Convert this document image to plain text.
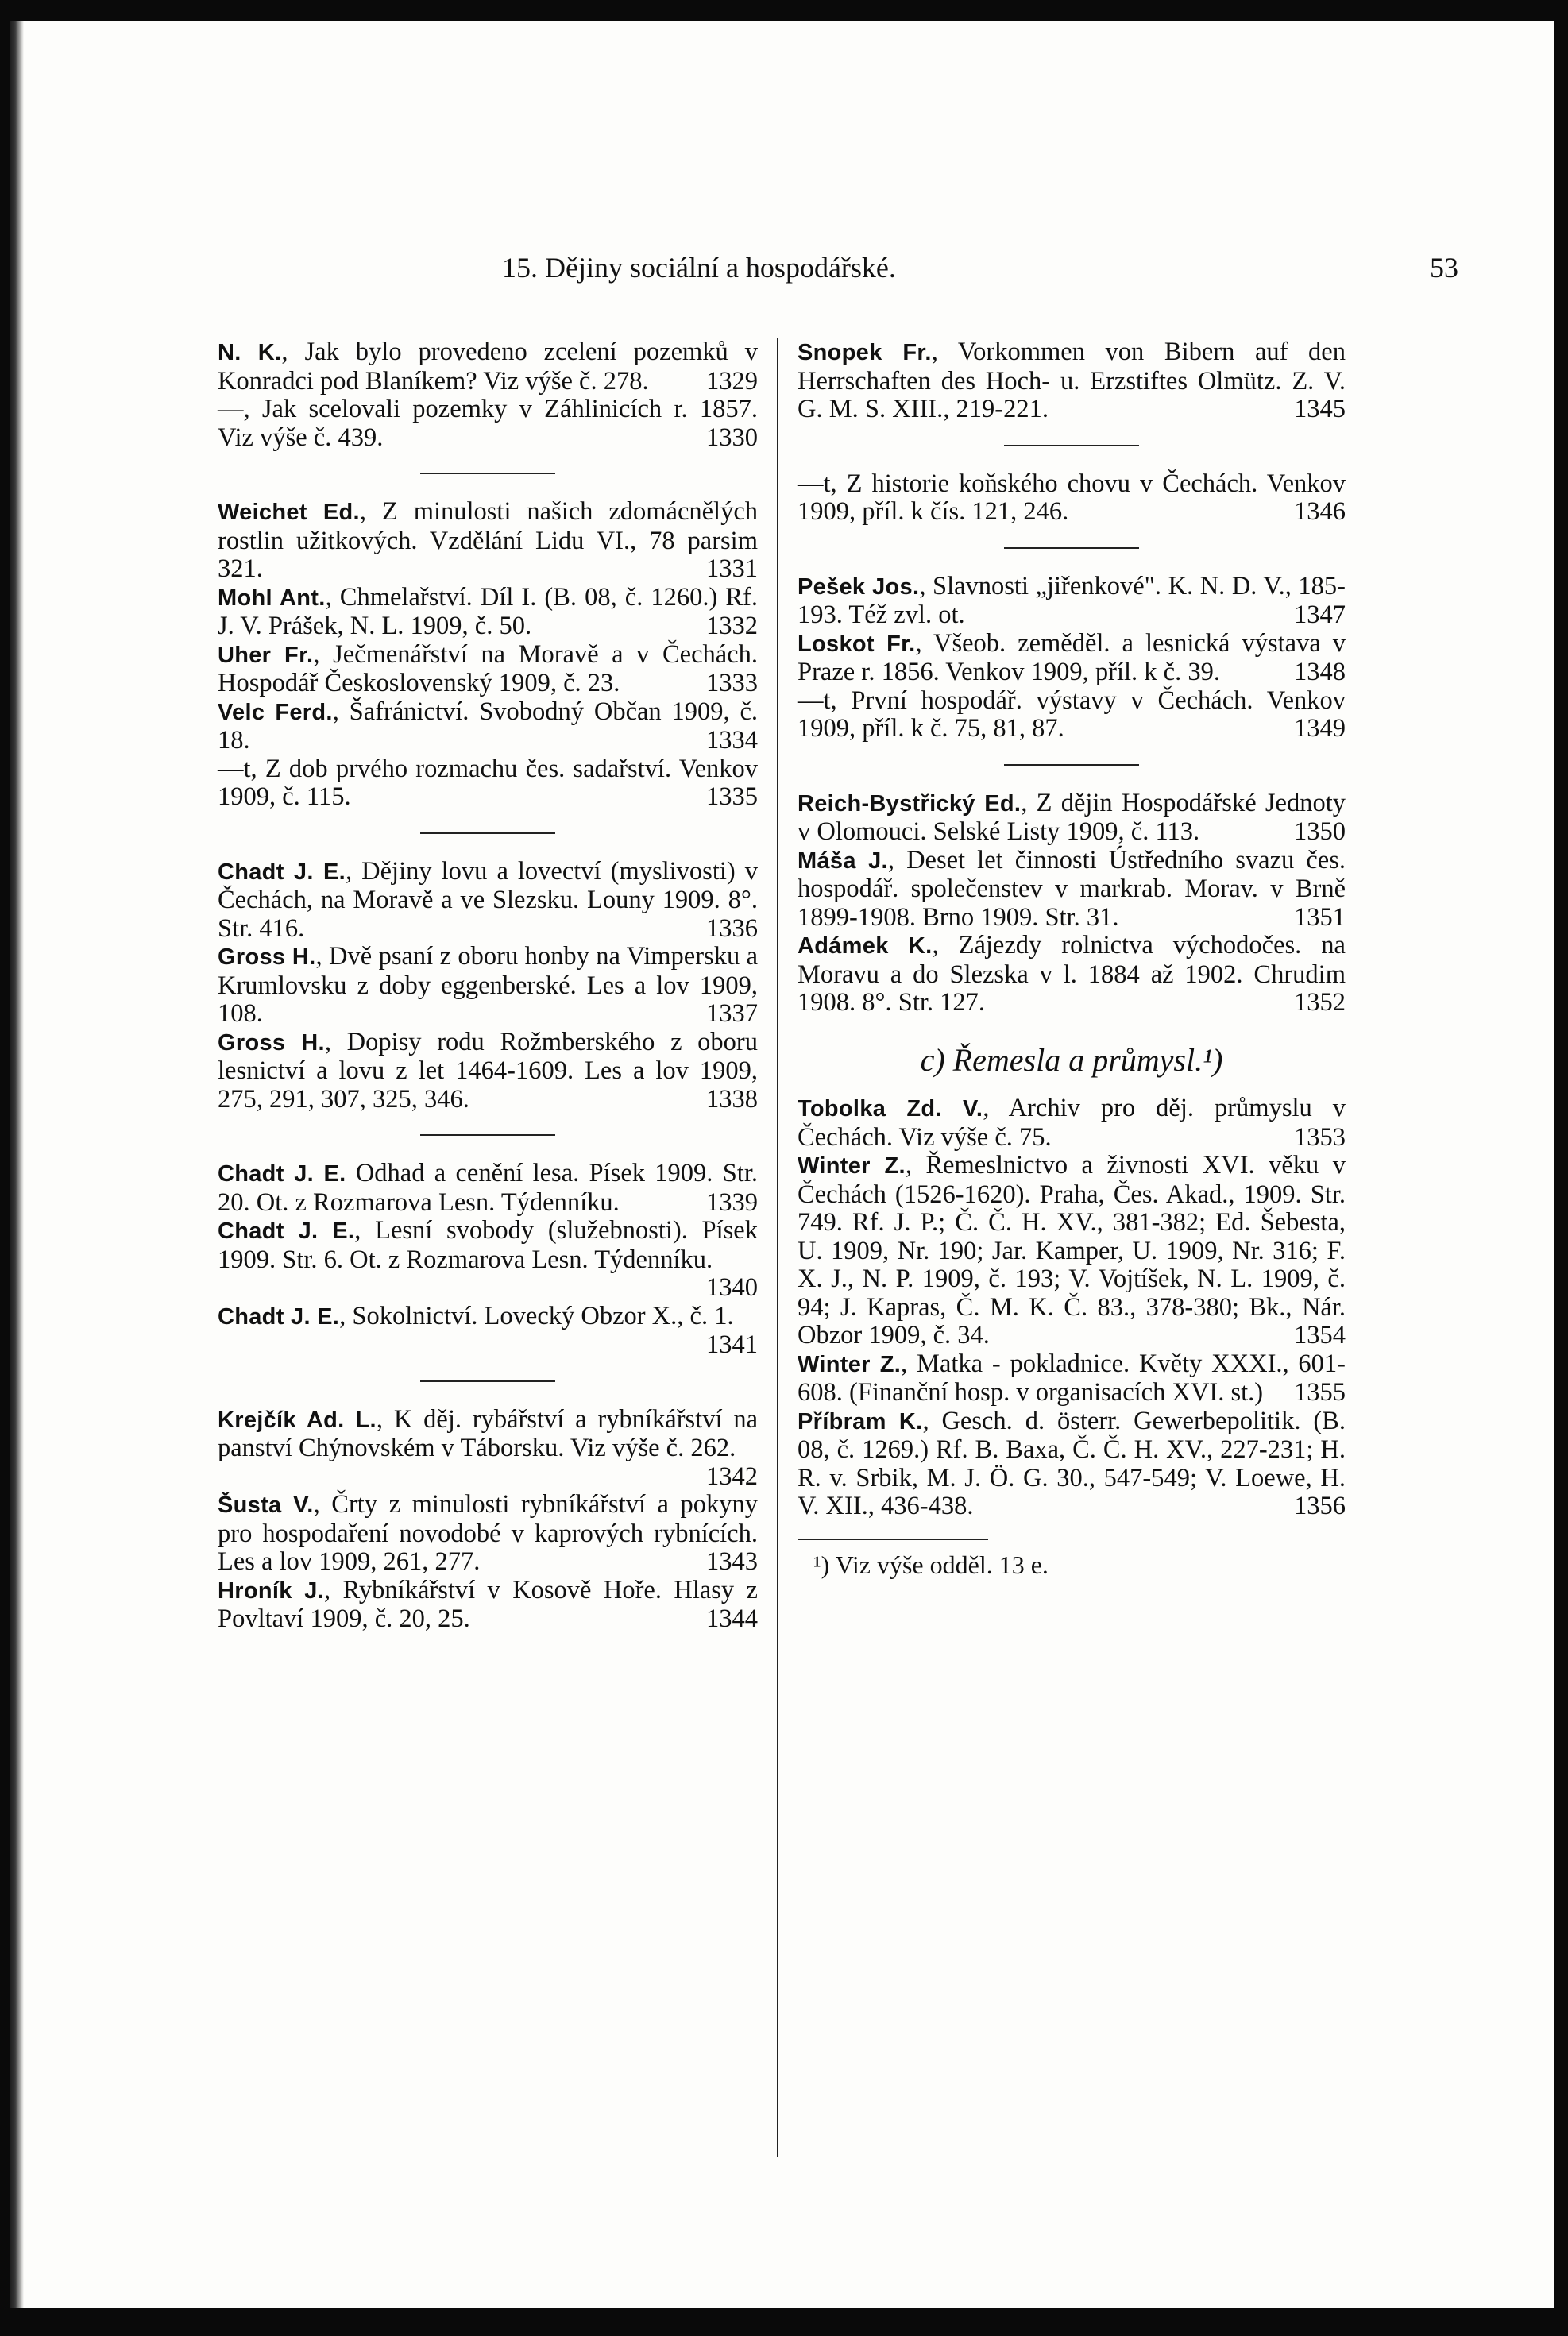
15. Dějiny sociální a hospodářské.	53

N. K., Jak bylo provedeno zcelení pozemků v Konradci pod Blaníkem? Viz výše č. 278. 1329

—, Jak scelovali pozemky v Záhlinicích r. 1857. Viz výše č. 439.	1330

Weichet Ed., Z minulosti našich zdomácnělých rostlin užitkových. Vzdělání Lidu VI., 78 parsim 321.	1331

Mohl Ant., Chmelařství. Díl I. (B. 08, č. 1260.) Rf. J. V. Prášek, N. L. 1909, č. 50.	1332

Uher Fr., Ječmenářství na Moravě a v Čechách. Hospodář Československý 1909, č. 23.	1333

Velc Ferd., Šafránictví. Svobodný Občan 1909, č. 18.	1334

—t, Z dob prvého rozmachu čes. sadařství. Venkov 1909, č. 115.	1335

Chadt J. E., Dějiny lovu a lovectví (myslivosti) v Čechách, na Moravě a ve Slezsku. Louny 1909. 8°. Str. 416.	1336

Gross H., Dvě psaní z oboru honby na Vimpersku a Krumlovsku z doby eggenberské. Les a lov 1909, 108.	1337

Gross H., Dopisy rodu Rožmberského z oboru lesnictví a lovu z let 1464-1609. Les a lov 1909, 275, 291, 307, 325, 346.	1338

Chadt J. E. Odhad a cenění lesa. Písek 1909. Str. 20. Ot. z Rozmarova Lesn. Týdenníku.	1339

Chadt J. E., Lesní svobody (služebnosti). Písek 1909. Str. 6. Ot. z Rozmarova Lesn. Týdenníku.
1340

Chadt J. E., Sokolnictví. Lovecký Obzor X., č. 1.
1341

Krejčík Ad. L., K děj. rybářství a rybníkářství na panství Chýnovském v Táborsku. Viz výše č. 262.
1342

Šusta V., Črty z minulosti rybníkářství a pokyny pro hospodaření novodobé v kaprových rybnících. Les a lov 1909, 261, 277.	1343

Hroník J., Rybníkářství v Kosově Hoře. Hlasy z Povltaví 1909, č. 20, 25.	1344

Snopek Fr., Vorkommen von Bibern auf den Herrschaften des Hoch- u. Erzstiftes Olmütz. Z. V. G. M. S. XIII., 219-221.	1345

—t, Z historie koňského chovu v Čechách. Venkov 1909, příl. k čís. 121, 246.	1346

Pešek Jos., Slavnosti „jiřenkové". K. N. D. V., 185-193. Též zvl. ot.	1347

Loskot Fr., Všeob. zeměděl. a lesnická výstava v Praze r. 1856. Venkov 1909, příl. k č. 39.	1348

—t, První hospodář. výstavy v Čechách. Venkov 1909, příl. k č. 75, 81, 87.	1349

Reich-Bystřický Ed., Z dějin Hospodářské Jednoty v Olomouci. Selské Listy 1909, č. 113.	1350

Máša J., Deset let činnosti Ústředního svazu čes. hospodář. společenstev v markrab. Morav. v Brně 1899-1908. Brno 1909. Str. 31.	1351

Adámek K., Zájezdy rolnictva východočes. na Moravu a do Slezska v l. 1884 až 1902. Chrudim 1908. 8°. Str. 127.	1352

c) Řemesla a průmysl.¹)

Tobolka Zd. V., Archiv pro děj. průmyslu v Čechách. Viz výše č. 75.	1353

Winter Z., Řemeslnictvo a živnosti XVI. věku v Čechách (1526-1620). Praha, Čes. Akad., 1909. Str. 749. Rf. J. P.; Č. Č. H. XV., 381-382; Ed. Šebesta, U. 1909, Nr. 190; Jar. Kamper, U. 1909, Nr. 316; F. X. J., N. P. 1909, č. 193; V. Vojtíšek, N. L. 1909, č. 94; J. Kapras, Č. M. K. Č. 83., 378-380; Bk., Nár. Obzor 1909, č. 34.	1354

Winter Z., Matka - pokladnice. Květy XXXI., 601-608. (Finanční hosp. v organisacích XVI. st.) 1355

Příbram K., Gesch. d. österr. Gewerbepolitik. (B. 08, č. 1269.) Rf. B. Baxa, Č. Č. H. XV., 227-231; H. R. v. Srbik, M. J. Ö. G. 30., 547-549; V. Loewe, H. V. XII., 436-438.	1356

¹) Viz výše odděl. 13 e.
